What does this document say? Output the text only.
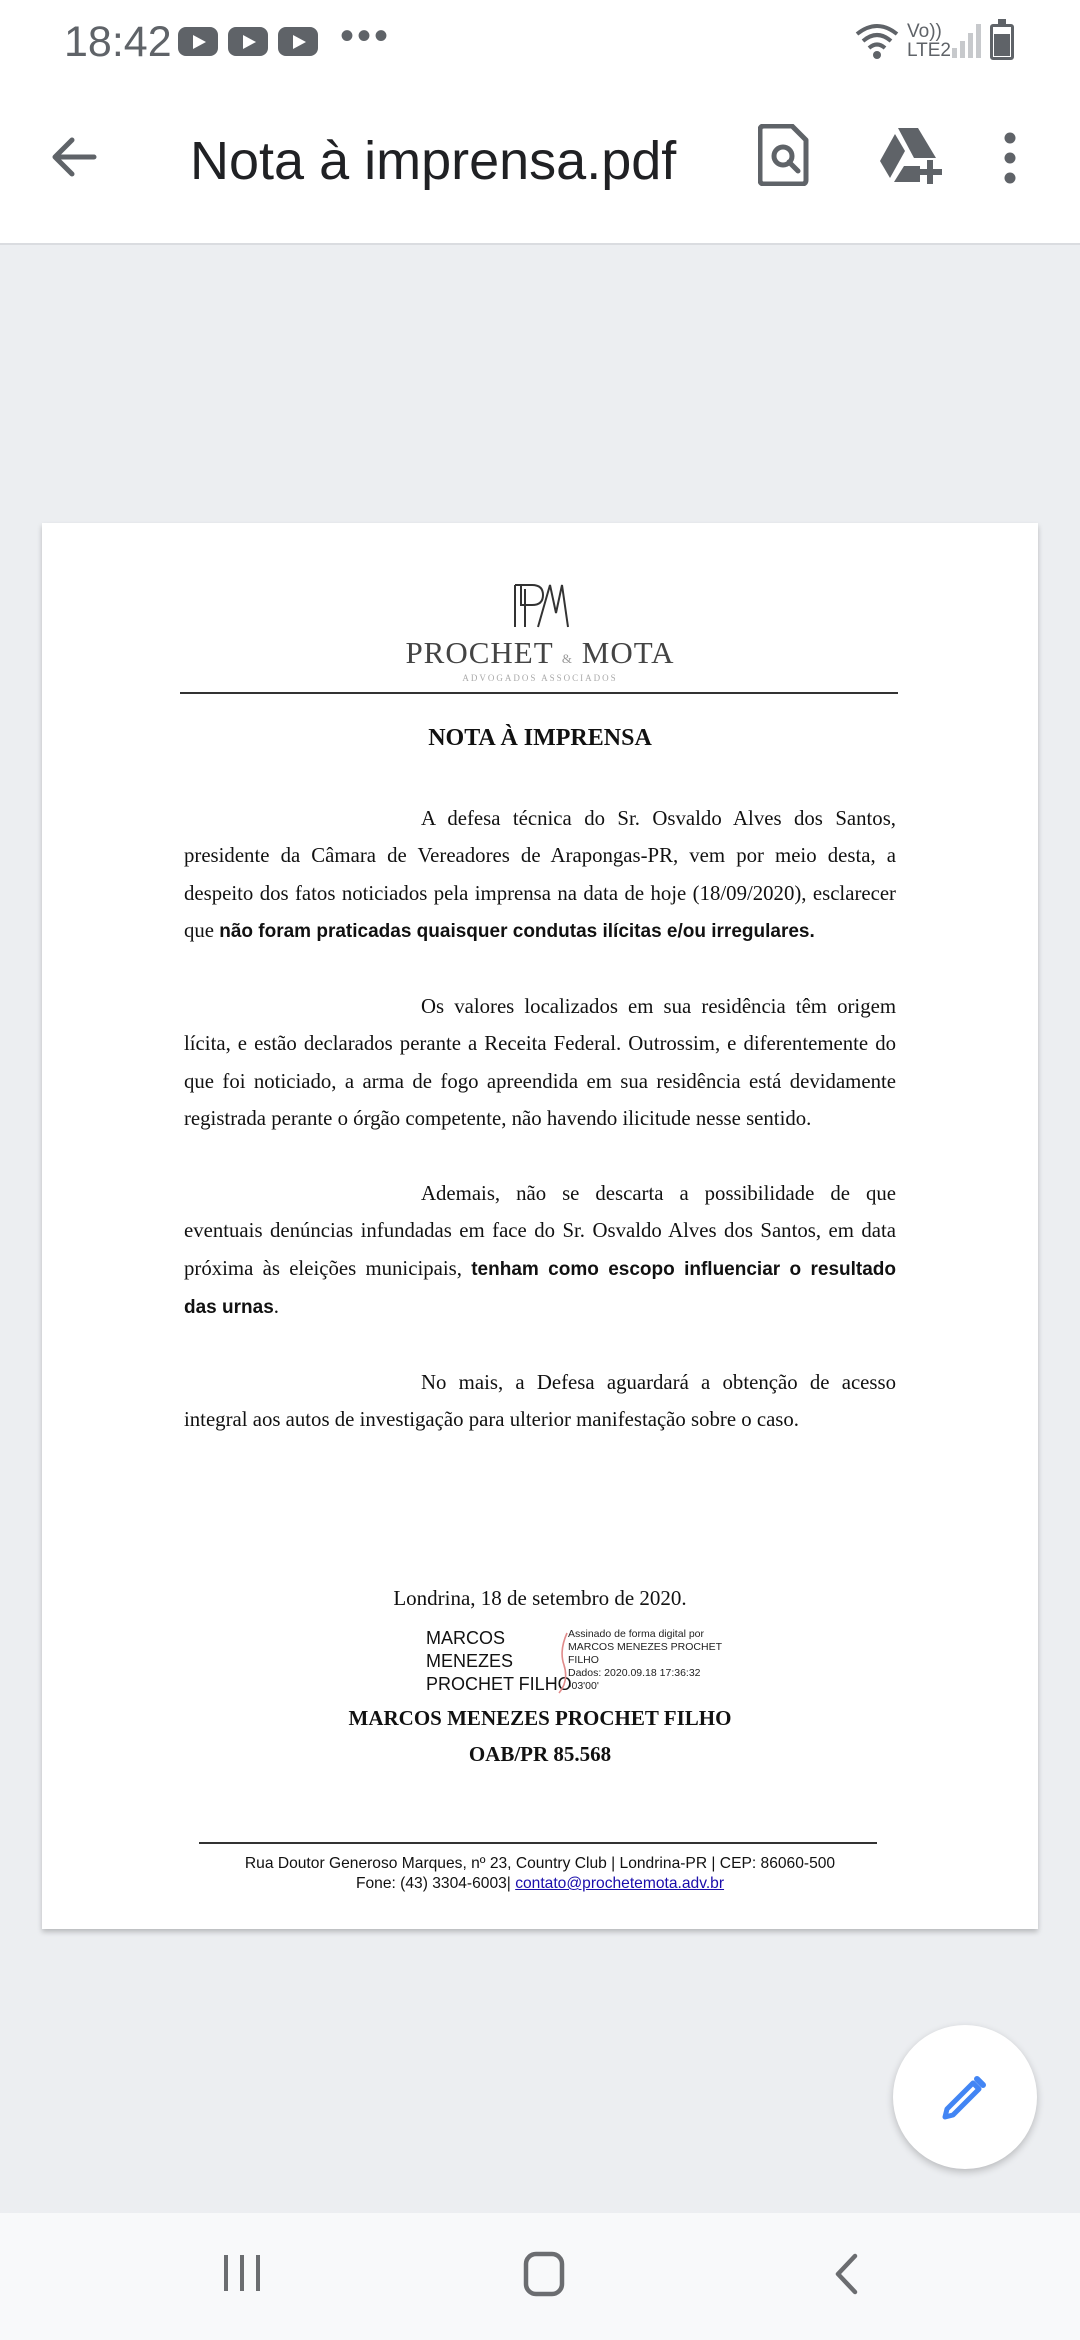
18:42	•••	Vo))
LTE2
Nota à imprensa.pdf
PROCHET & MOTA
ADVOGADOS ASSOCIADOS
NOTA À IMPRENSA

A defesa técnica do Sr. Osvaldo Alves dos Santos, presidente da Câmara de Vereadores de Arapongas-PR, vem por meio desta, a despeito dos fatos noticiados pela imprensa na data de hoje (18/09/2020), esclarecer que não foram praticadas quaisquer condutas ilícitas e/ou irregulares.

Os valores localizados em sua residência têm origem lícita, e estão declarados perante a Receita Federal. Outrossim, e diferentemente do que foi noticiado, a arma de fogo apreendida em sua residência está devidamente registrada perante o órgão competente, não havendo ilicitude nesse sentido.

Ademais, não se descarta a possibilidade de que eventuais denúncias infundadas em face do Sr. Osvaldo Alves dos Santos, em data próxima às eleições municipais, tenham como escopo influenciar o resultado das urnas.

No mais, a Defesa aguardará a obtenção de acesso integral aos autos de investigação para ulterior manifestação sobre o caso.

Londrina, 18 de setembro de 2020.
MARCOS
MENEZES
PROCHET FILHO
Assinado de forma digital por
MARCOS MENEZES PROCHET
FILHO
Dados: 2020.09.18 17:36:32
-03'00'
MARCOS MENEZES PROCHET FILHO
OAB/PR 85.568
Rua Doutor Generoso Marques, nº 23, Country Club | Londrina-PR | CEP: 86060-500
Fone: (43) 3304-6003| contato@prochetemota.adv.br
